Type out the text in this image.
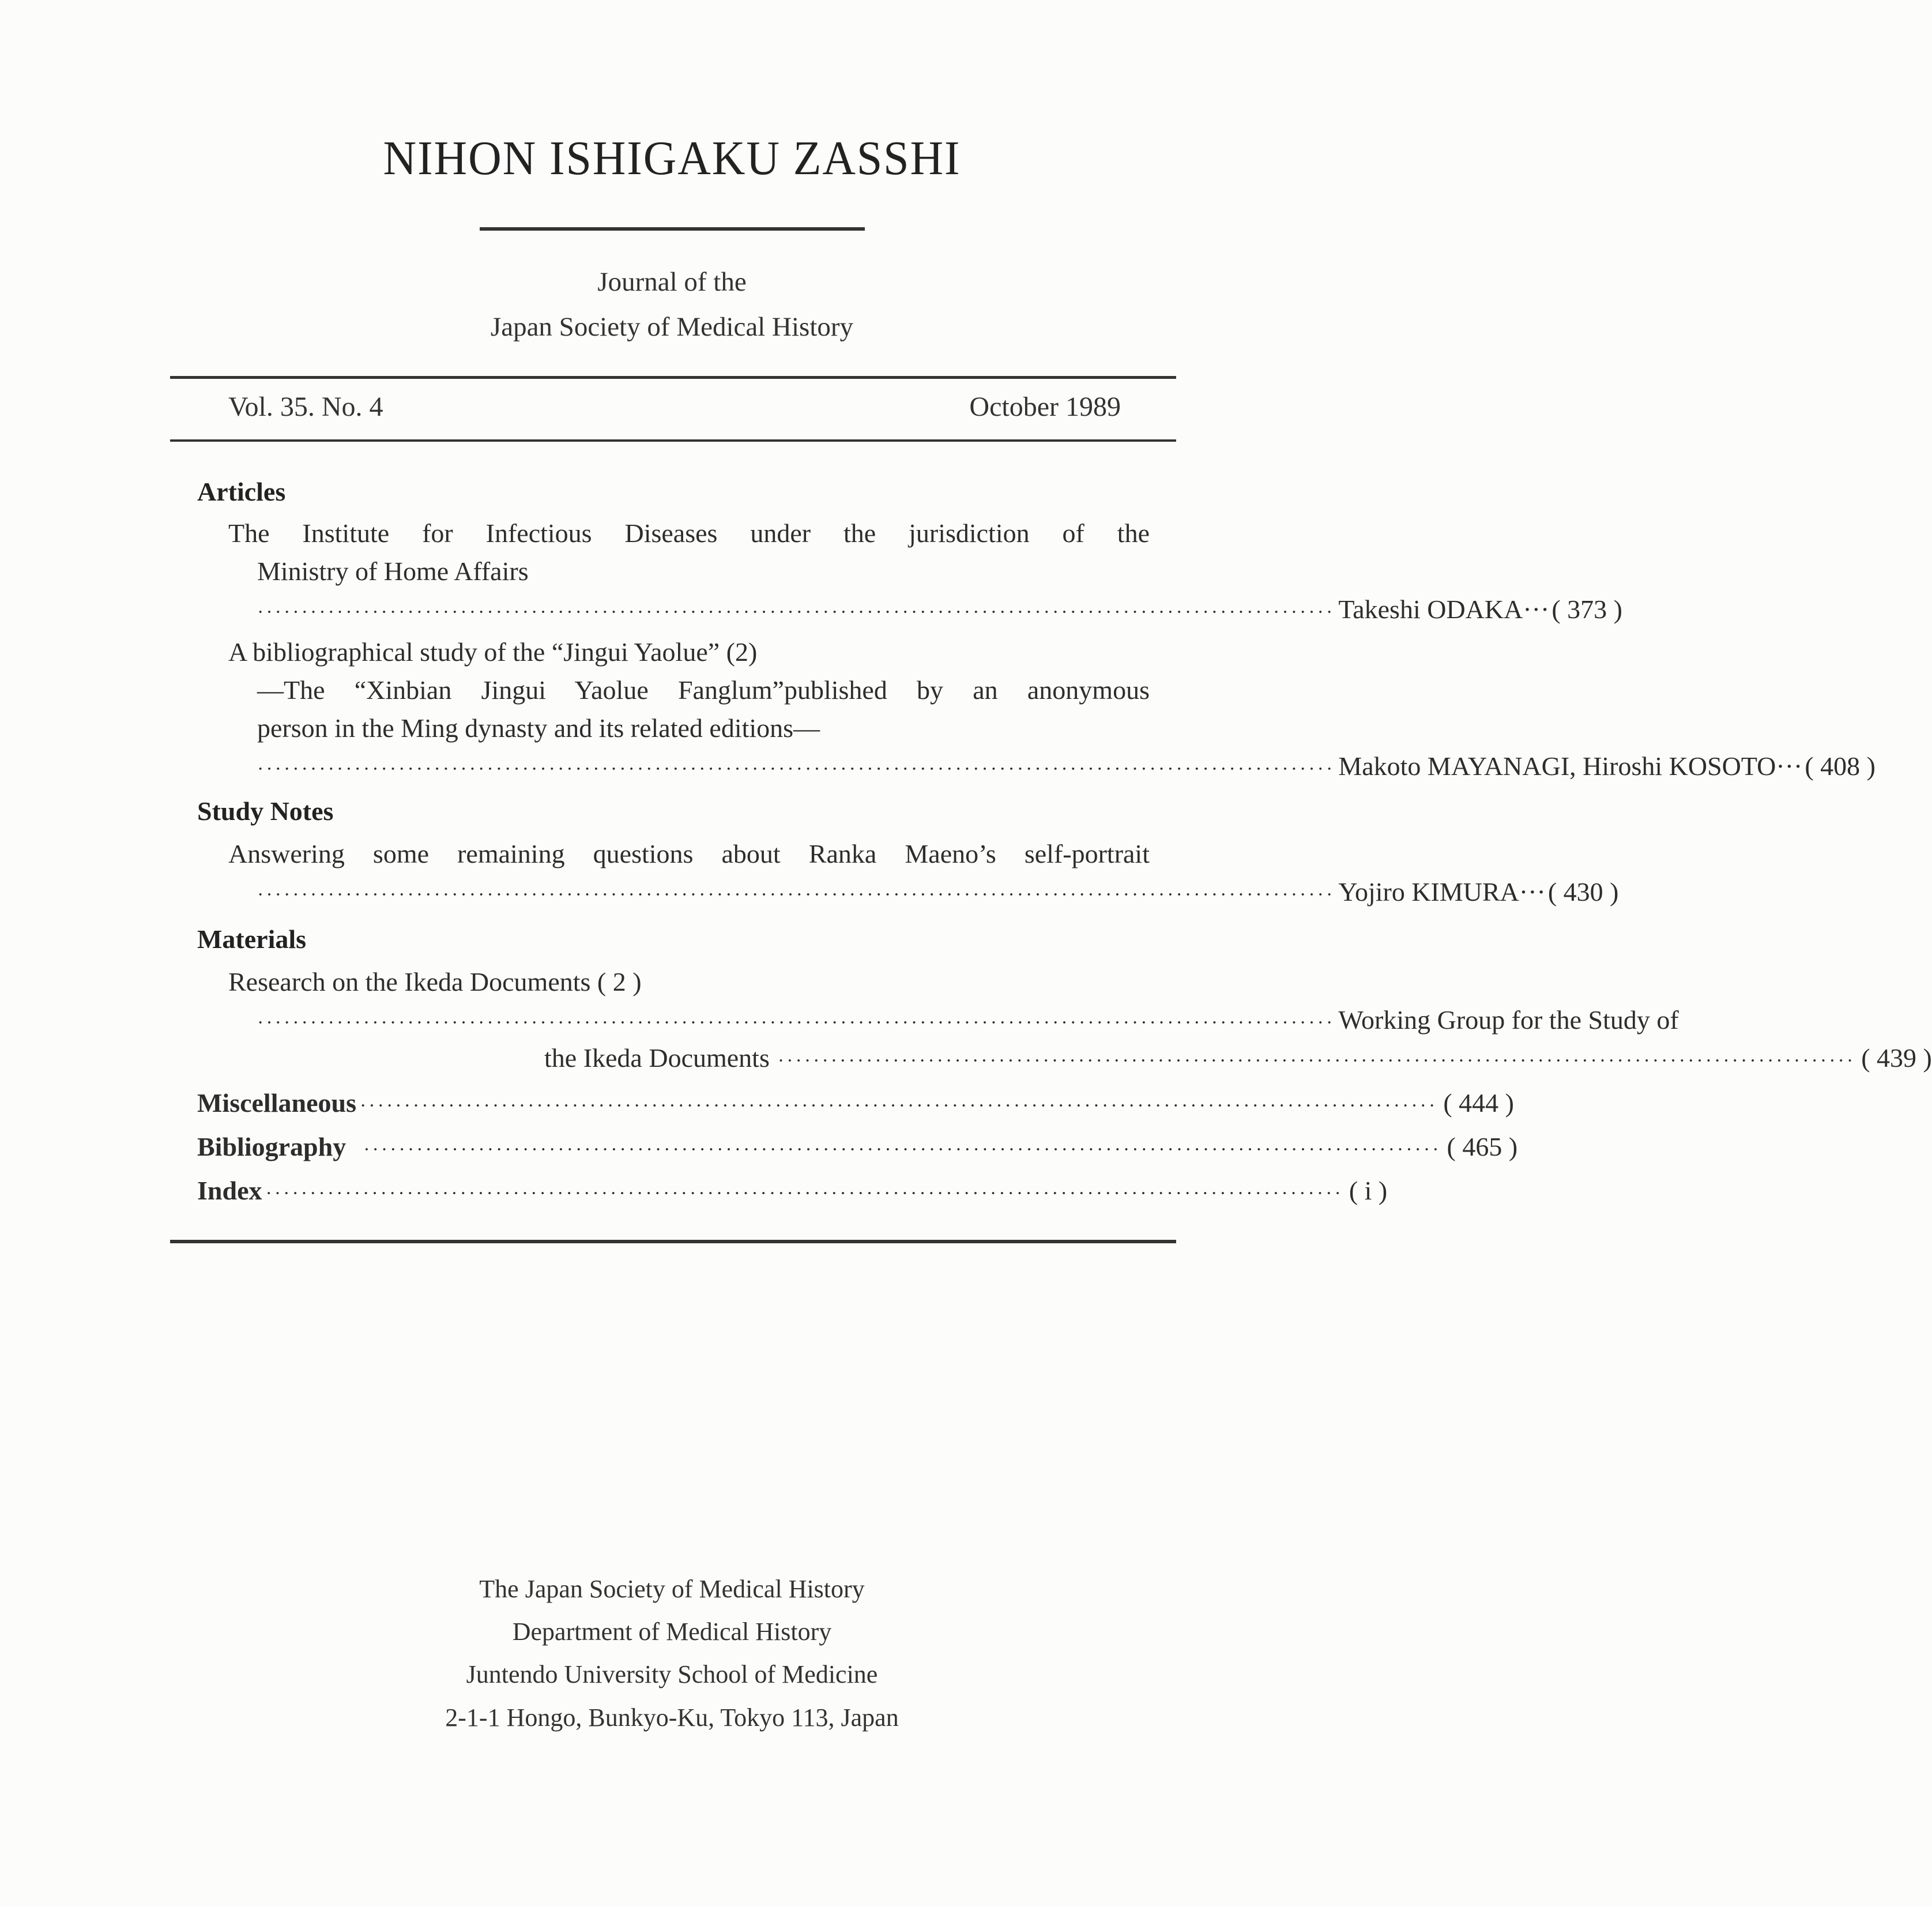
NIHON ISHIGAKU ZASSHI
Journal of the
Japan Society of Medical History
Vol. 35. No. 4	October 1989
Articles
The Institute for Infectious Diseases under the jurisdiction of the
Ministry of Home Affairs
·························································································································· Takeshi ODAKA ··· ( 373 )
A bibliographical study of the “Jingui Yaolue” (2)
—The “Xinbian Jingui Yaolue Fanglum”published by an anonymous
person in the Ming dynasty and its related editions—
·························································································································· Makoto MAYANAGI, Hiroshi KOSOTO ··· ( 408 )
Study Notes
Answering some remaining questions about Ranka Maeno’s self-portrait
·························································································································· Yojiro KIMURA ··· ( 430 )
Materials
Research on the Ikeda Documents ( 2 )
·························································································································· Working Group for the Study of
the Ikeda Documents ·························································································································· ( 439 )
Miscellaneous ·························································································································· ( 444 )
Bibliography ·························································································································· ( 465 )
Index ·························································································································· ( i )
The Japan Society of Medical History
Department of Medical History
Juntendo University School of Medicine
2-1-1 Hongo, Bunkyo-Ku, Tokyo 113, Japan
